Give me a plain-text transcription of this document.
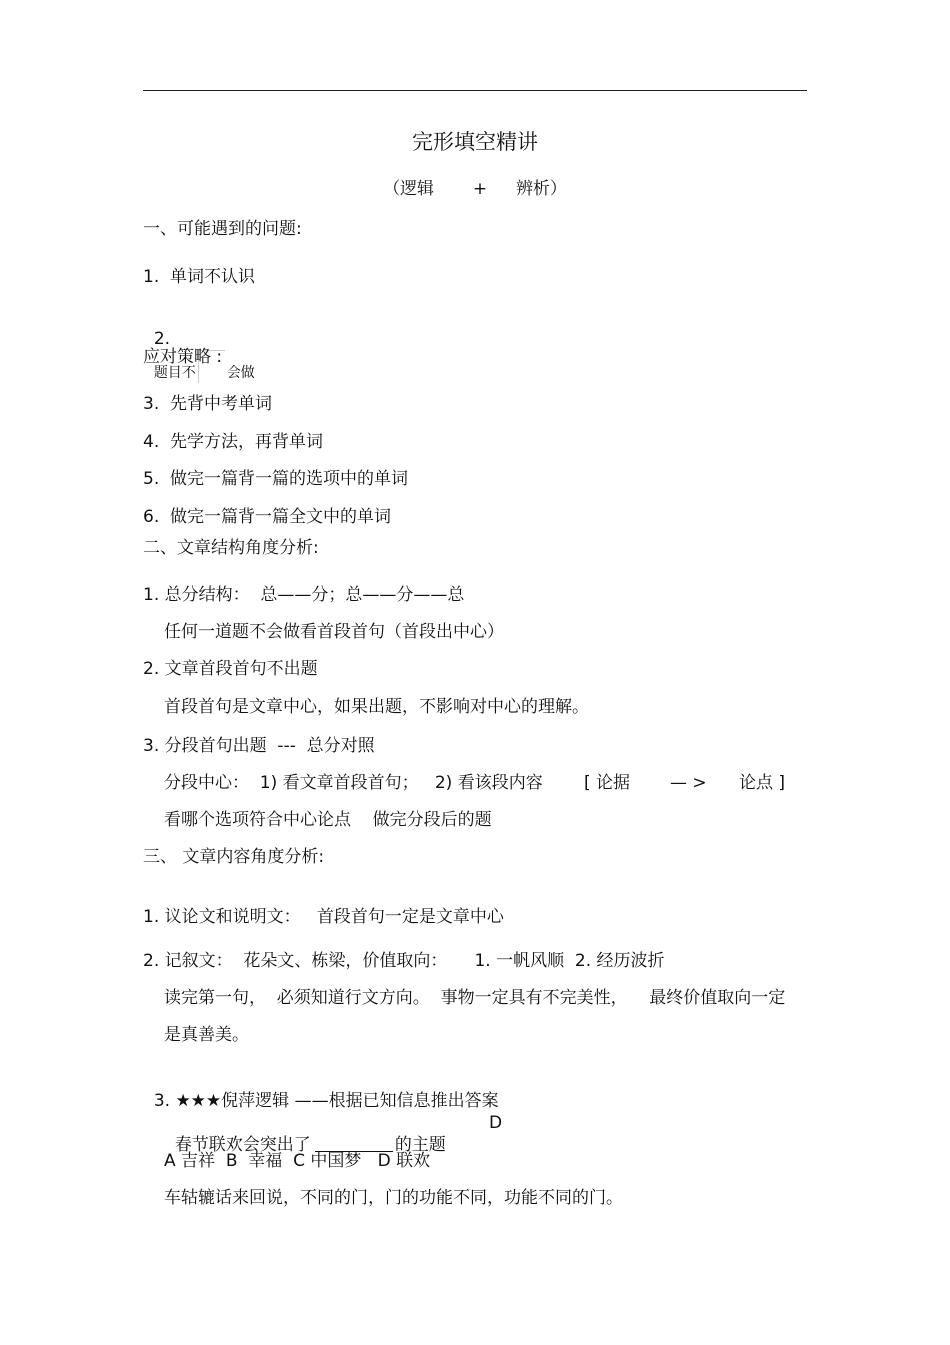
完形填空精讲
（逻辑 + 辨析）
一、可能遇到的问题:
1.  单词不认识

2.
题目不 会做

应对策略 :
3.  先背中考单词
4.  先学方法，再背单词
5.  做完一篇背一篇的选项中的单词
6.  做完一篇背一篇全文中的单词
二、文章结构角度分析:
1. 总分结构：  总——分；总——分——总
任何一道题不会做看首段首句（首段出中心）
2. 文章首段首句不出题
首段首句是文章中心，如果出题，不影响对中心的理解。
3. 分段首句出题  ---  总分对照
分段中心：  1) 看文章首段首句；   2) 看该段内容 [ 论据 — > 论点 ]
看哪个选项符合中心论点    做完分段后的题
三、 文章内容角度分析:
1. 议论文和说明文：   首段首句一定是文章中心
2. 记叙文：  花朵文、栋梁，价值取向：     1. 一帆风顺  2. 经历波折
读完第一句，  必须知道行文方向。  事物一定具有不完美性，    最终价值取向一定
是真善美。

3. ★★★倪萍逻辑 ——根据已知信息推出答案

春节联欢会突出了	的主题

D
A 吉祥  B  幸福  C 中国梦   D 联欢
车轱辘话来回说，不同的门，门的功能不同，功能不同的门。
